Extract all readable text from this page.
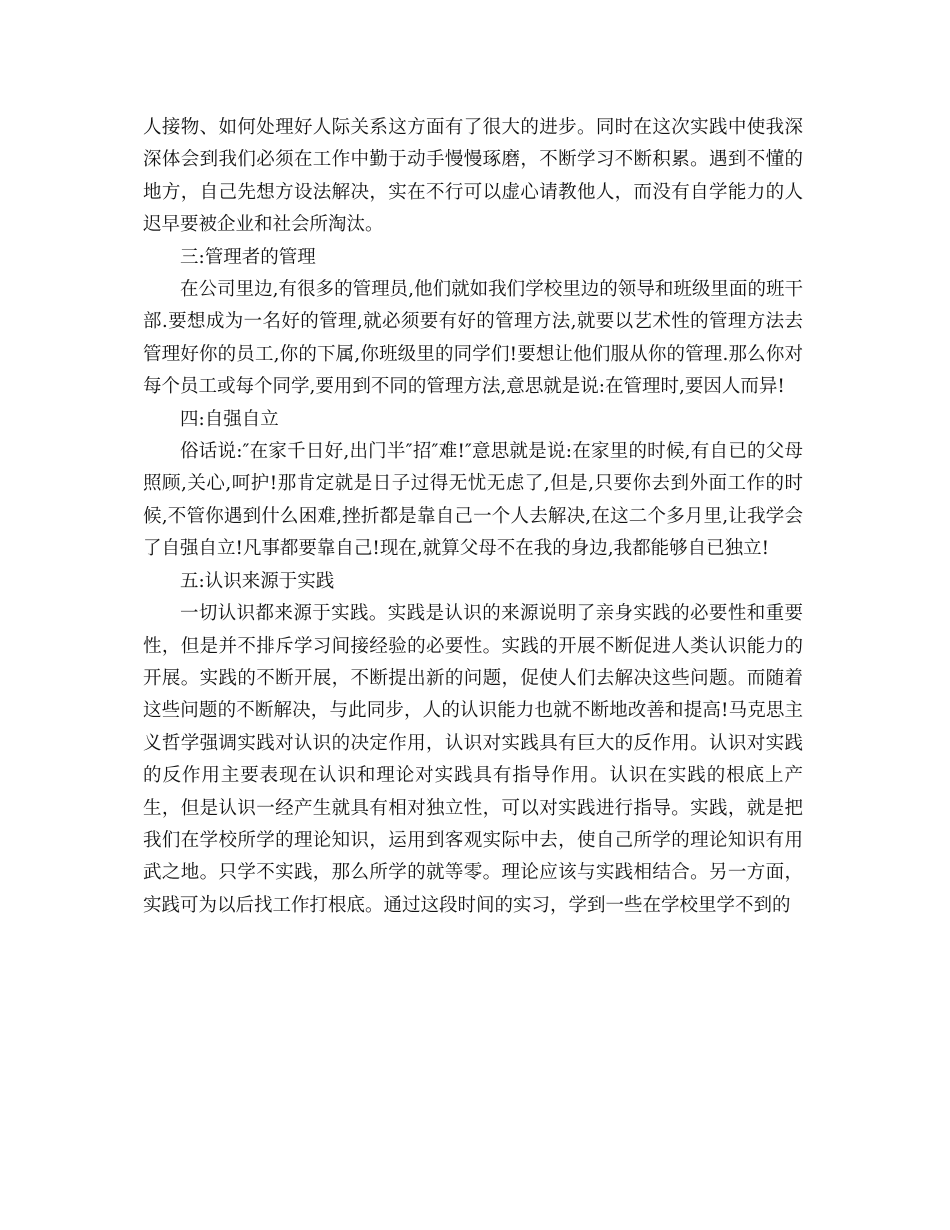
人接物、如何处理好人际关系这方面有了很大的进步。同时在这次实践中使我深深体会到我们必须在工作中勤于动手慢慢琢磨，不断学习不断积累。遇到不懂的地方，自己先想方设法解决，实在不行可以虚心请教他人，而没有自学能力的人迟早要被企业和社会所淘汰。

三:管理者的管理

在公司里边,有很多的管理员,他们就如我们学校里边的领导和班级里面的班干部.要想成为一名好的管理,就必须要有好的管理方法,就要以艺术性的管理方法去管理好你的员工,你的下属,你班级里的同学们!要想让他们服从你的管理.那么你对每个员工或每个同学,要用到不同的管理方法,意思就是说:在管理时,要因人而异!

四:自强自立

俗话说:″在家千日好,出门半″招″难!″意思就是说:在家里的时候,有自已的父母照顾,关心,呵护!那肯定就是日子过得无忧无虑了,但是,只要你去到外面工作的时候,不管你遇到什么困难,挫折都是靠自己一个人去解决,在这二个多月里,让我学会了自强自立!凡事都要靠自己!现在,就算父母不在我的身边,我都能够自已独立!

五:认识来源于实践

一切认识都来源于实践。实践是认识的来源说明了亲身实践的必要性和重要性，但是并不排斥学习间接经验的必要性。实践的开展不断促进人类认识能力的开展。实践的不断开展，不断提出新的问题，促使人们去解决这些问题。而随着这些问题的不断解决，与此同步，人的认识能力也就不断地改善和提高!马克思主义哲学强调实践对认识的决定作用，认识对实践具有巨大的反作用。认识对实践的反作用主要表现在认识和理论对实践具有指导作用。认识在实践的根底上产生，但是认识一经产生就具有相对独立性，可以对实践进行指导。实践，就是把我们在学校所学的理论知识，运用到客观实际中去，使自己所学的理论知识有用武之地。只学不实践，那么所学的就等零。理论应该与实践相结合。另一方面，实践可为以后找工作打根底。通过这段时间的实习，学到一些在学校里学不到的
